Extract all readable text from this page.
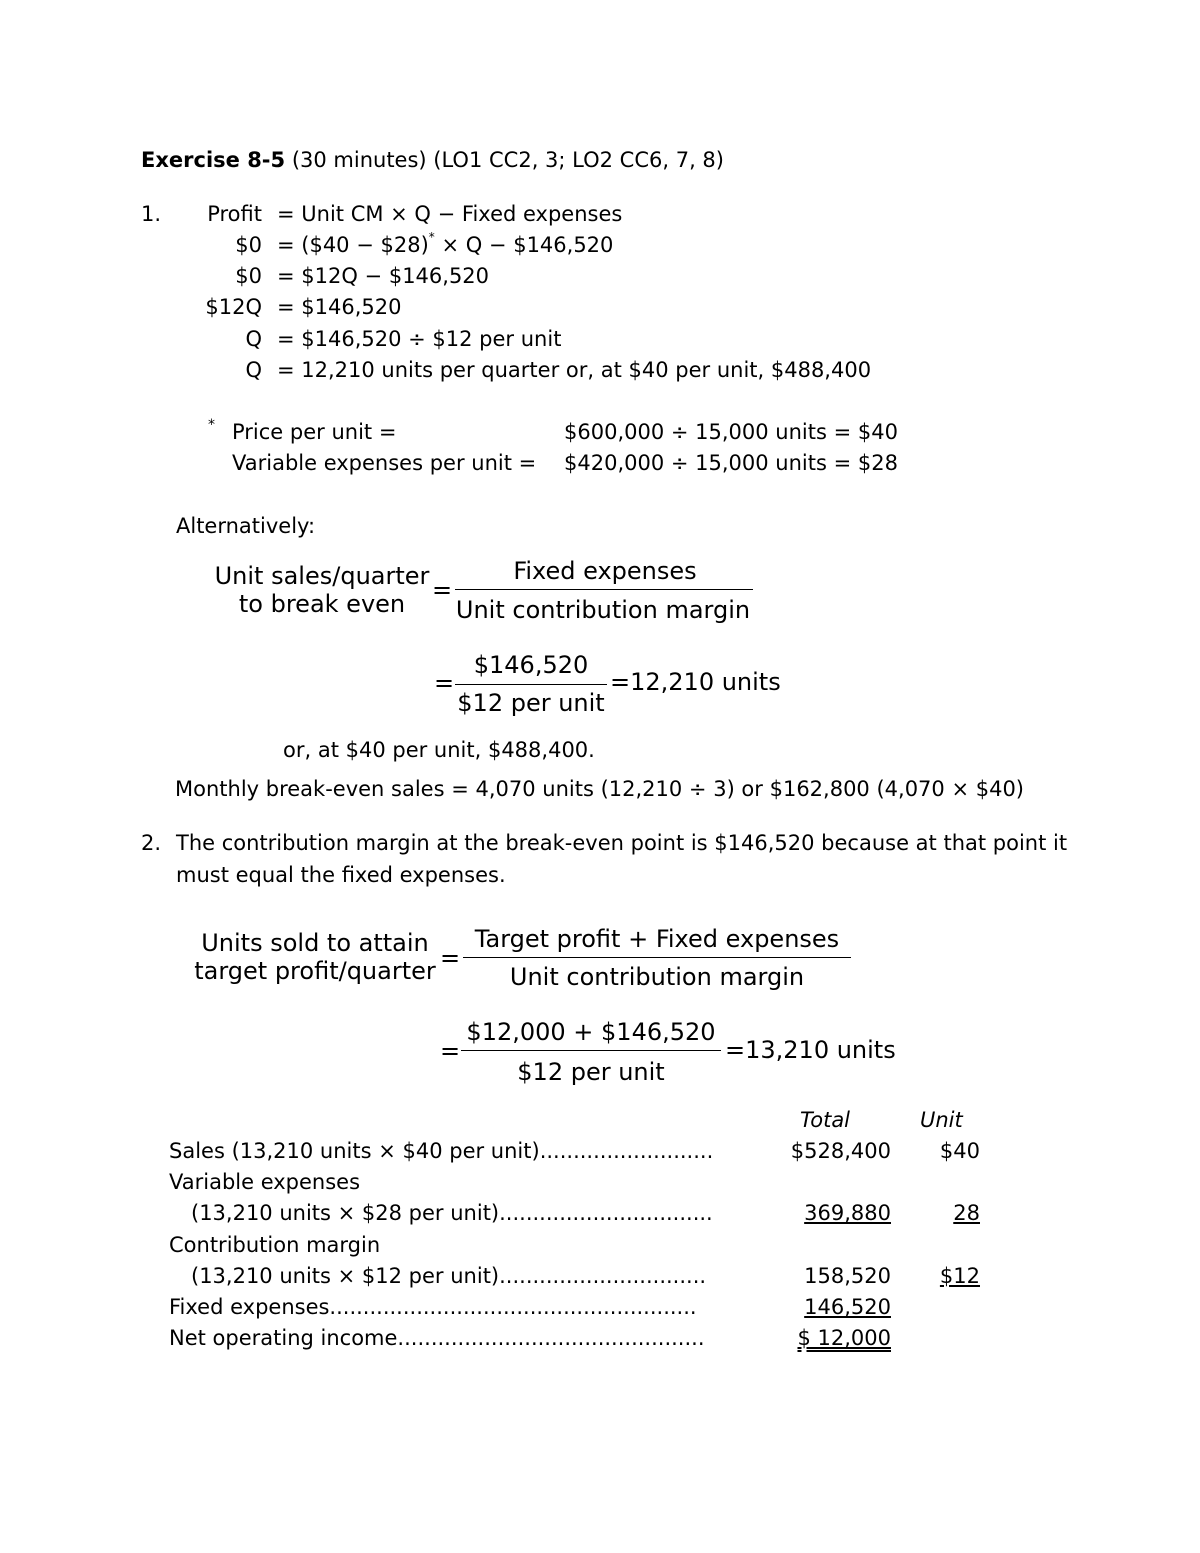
Exercise 8-5 (30 minutes) (LO1 CC2, 3; LO2 CC6, 7, 8)
1.	Profit = Unit CM × Q − Fixed expenses
$0 = ($40 − $28)* × Q − $146,520
$0 = $12Q − $146,520
$12Q = $146,520
Q = $146,520 ÷ $12 per unit
Q = 12,210 units per quarter or, at $40 per unit, $488,400
* Price per unit =	$600,000 ÷ 15,000 units = $40
Variable expenses per unit = $420,000 ÷ 15,000 units = $28
Alternatively:
Unit sales/quarter
to break even	=
Fixed expenses
Unit contribution margin
=
$146,520
$12 per unit
=12,210 units
or, at $40 per unit, $488,400.
Monthly break-even sales = 4,070 units (12,210 ÷ 3) or $162,800 (4,070 × $40)
2. The contribution margin at the break-even point is $146,520 because at that point it
must equal the fixed expenses.
Units sold to attain
target profit/quarter =
Target profit + Fixed expenses
Unit contribution margin
=
$12,000 + $146,520
$12 per unit
=13,210 units
Total	Unit
Sales (13,210 units × $40 per unit)..........................	$528,400	$40
Variable expenses
(13,210 units × $28 per unit)................................	369,880	28
Contribution margin
(13,210 units × $12 per unit)...............................	158,520	$12
Fixed expenses.......................................................	146,520
Net operating income..............................................	$ 12,000
